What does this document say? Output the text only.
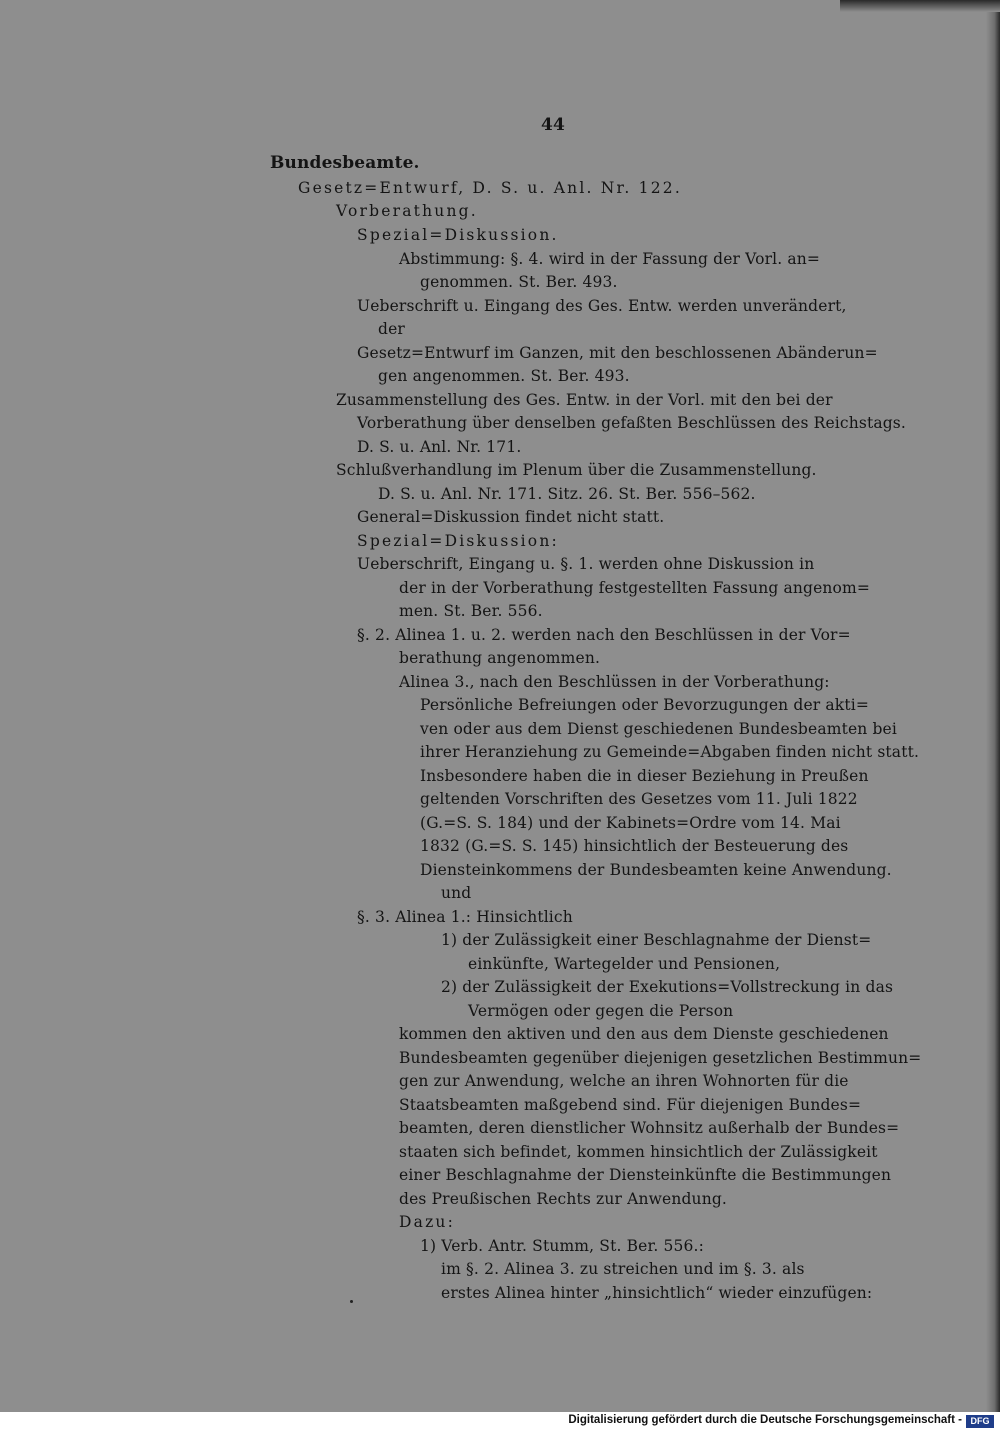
44
Bundesbeamte.
Gesetz=Entwurf, D. S. u. Anl. Nr. 122.
Vorberathung.
Spezial=Diskussion.
Abstimmung: §. 4. wird in der Fassung der Vorl. an=
genommen. St. Ber. 493.
Ueberschrift u. Eingang des Ges. Entw. werden unverändert,
der
Gesetz=Entwurf im Ganzen, mit den beschlossenen Abänderun=
gen angenommen. St. Ber. 493.
Zusammenstellung des Ges. Entw. in der Vorl. mit den bei der
Vorberathung über denselben gefaßten Beschlüssen des Reichstags.
D. S. u. Anl. Nr. 171.
Schlußverhandlung im Plenum über die Zusammenstellung.
D. S. u. Anl. Nr. 171. Sitz. 26. St. Ber. 556–562.
General=Diskussion findet nicht statt.
Spezial=Diskussion:
Ueberschrift, Eingang u. §. 1. werden ohne Diskussion in
der in der Vorberathung festgestellten Fassung angenom=
men. St. Ber. 556.
§. 2. Alinea 1. u. 2. werden nach den Beschlüssen in der Vor=
berathung angenommen.
Alinea 3., nach den Beschlüssen in der Vorberathung:
Persönliche Befreiungen oder Bevorzugungen der akti=
ven oder aus dem Dienst geschiedenen Bundesbeamten bei
ihrer Heranziehung zu Gemeinde=Abgaben finden nicht statt.
Insbesondere haben die in dieser Beziehung in Preußen
geltenden Vorschriften des Gesetzes vom 11. Juli 1822
(G.=S. S. 184) und der Kabinets=Ordre vom 14. Mai
1832 (G.=S. S. 145) hinsichtlich der Besteuerung des
Diensteinkommens der Bundesbeamten keine Anwendung.
und
§. 3. Alinea 1.: Hinsichtlich
1) der Zulässigkeit einer Beschlagnahme der Dienst=
einkünfte, Wartegelder und Pensionen,
2) der Zulässigkeit der Exekutions=Vollstreckung in das
Vermögen oder gegen die Person
kommen den aktiven und den aus dem Dienste geschiedenen
Bundesbeamten gegenüber diejenigen gesetzlichen Bestimmun=
gen zur Anwendung, welche an ihren Wohnorten für die
Staatsbeamten maßgebend sind. Für diejenigen Bundes=
beamten, deren dienstlicher Wohnsitz außerhalb der Bundes=
staaten sich befindet, kommen hinsichtlich der Zulässigkeit
einer Beschlagnahme der Diensteinkünfte die Bestimmungen
des Preußischen Rechts zur Anwendung.
Dazu:
1) Verb. Antr. Stumm, St. Ber. 556.:
im §. 2. Alinea 3. zu streichen und im §. 3. als
erstes Alinea hinter „hinsichtlich“ wieder einzufügen:
Digitalisierung gefördert durch die Deutsche Forschungsgemeinschaft - DFG
